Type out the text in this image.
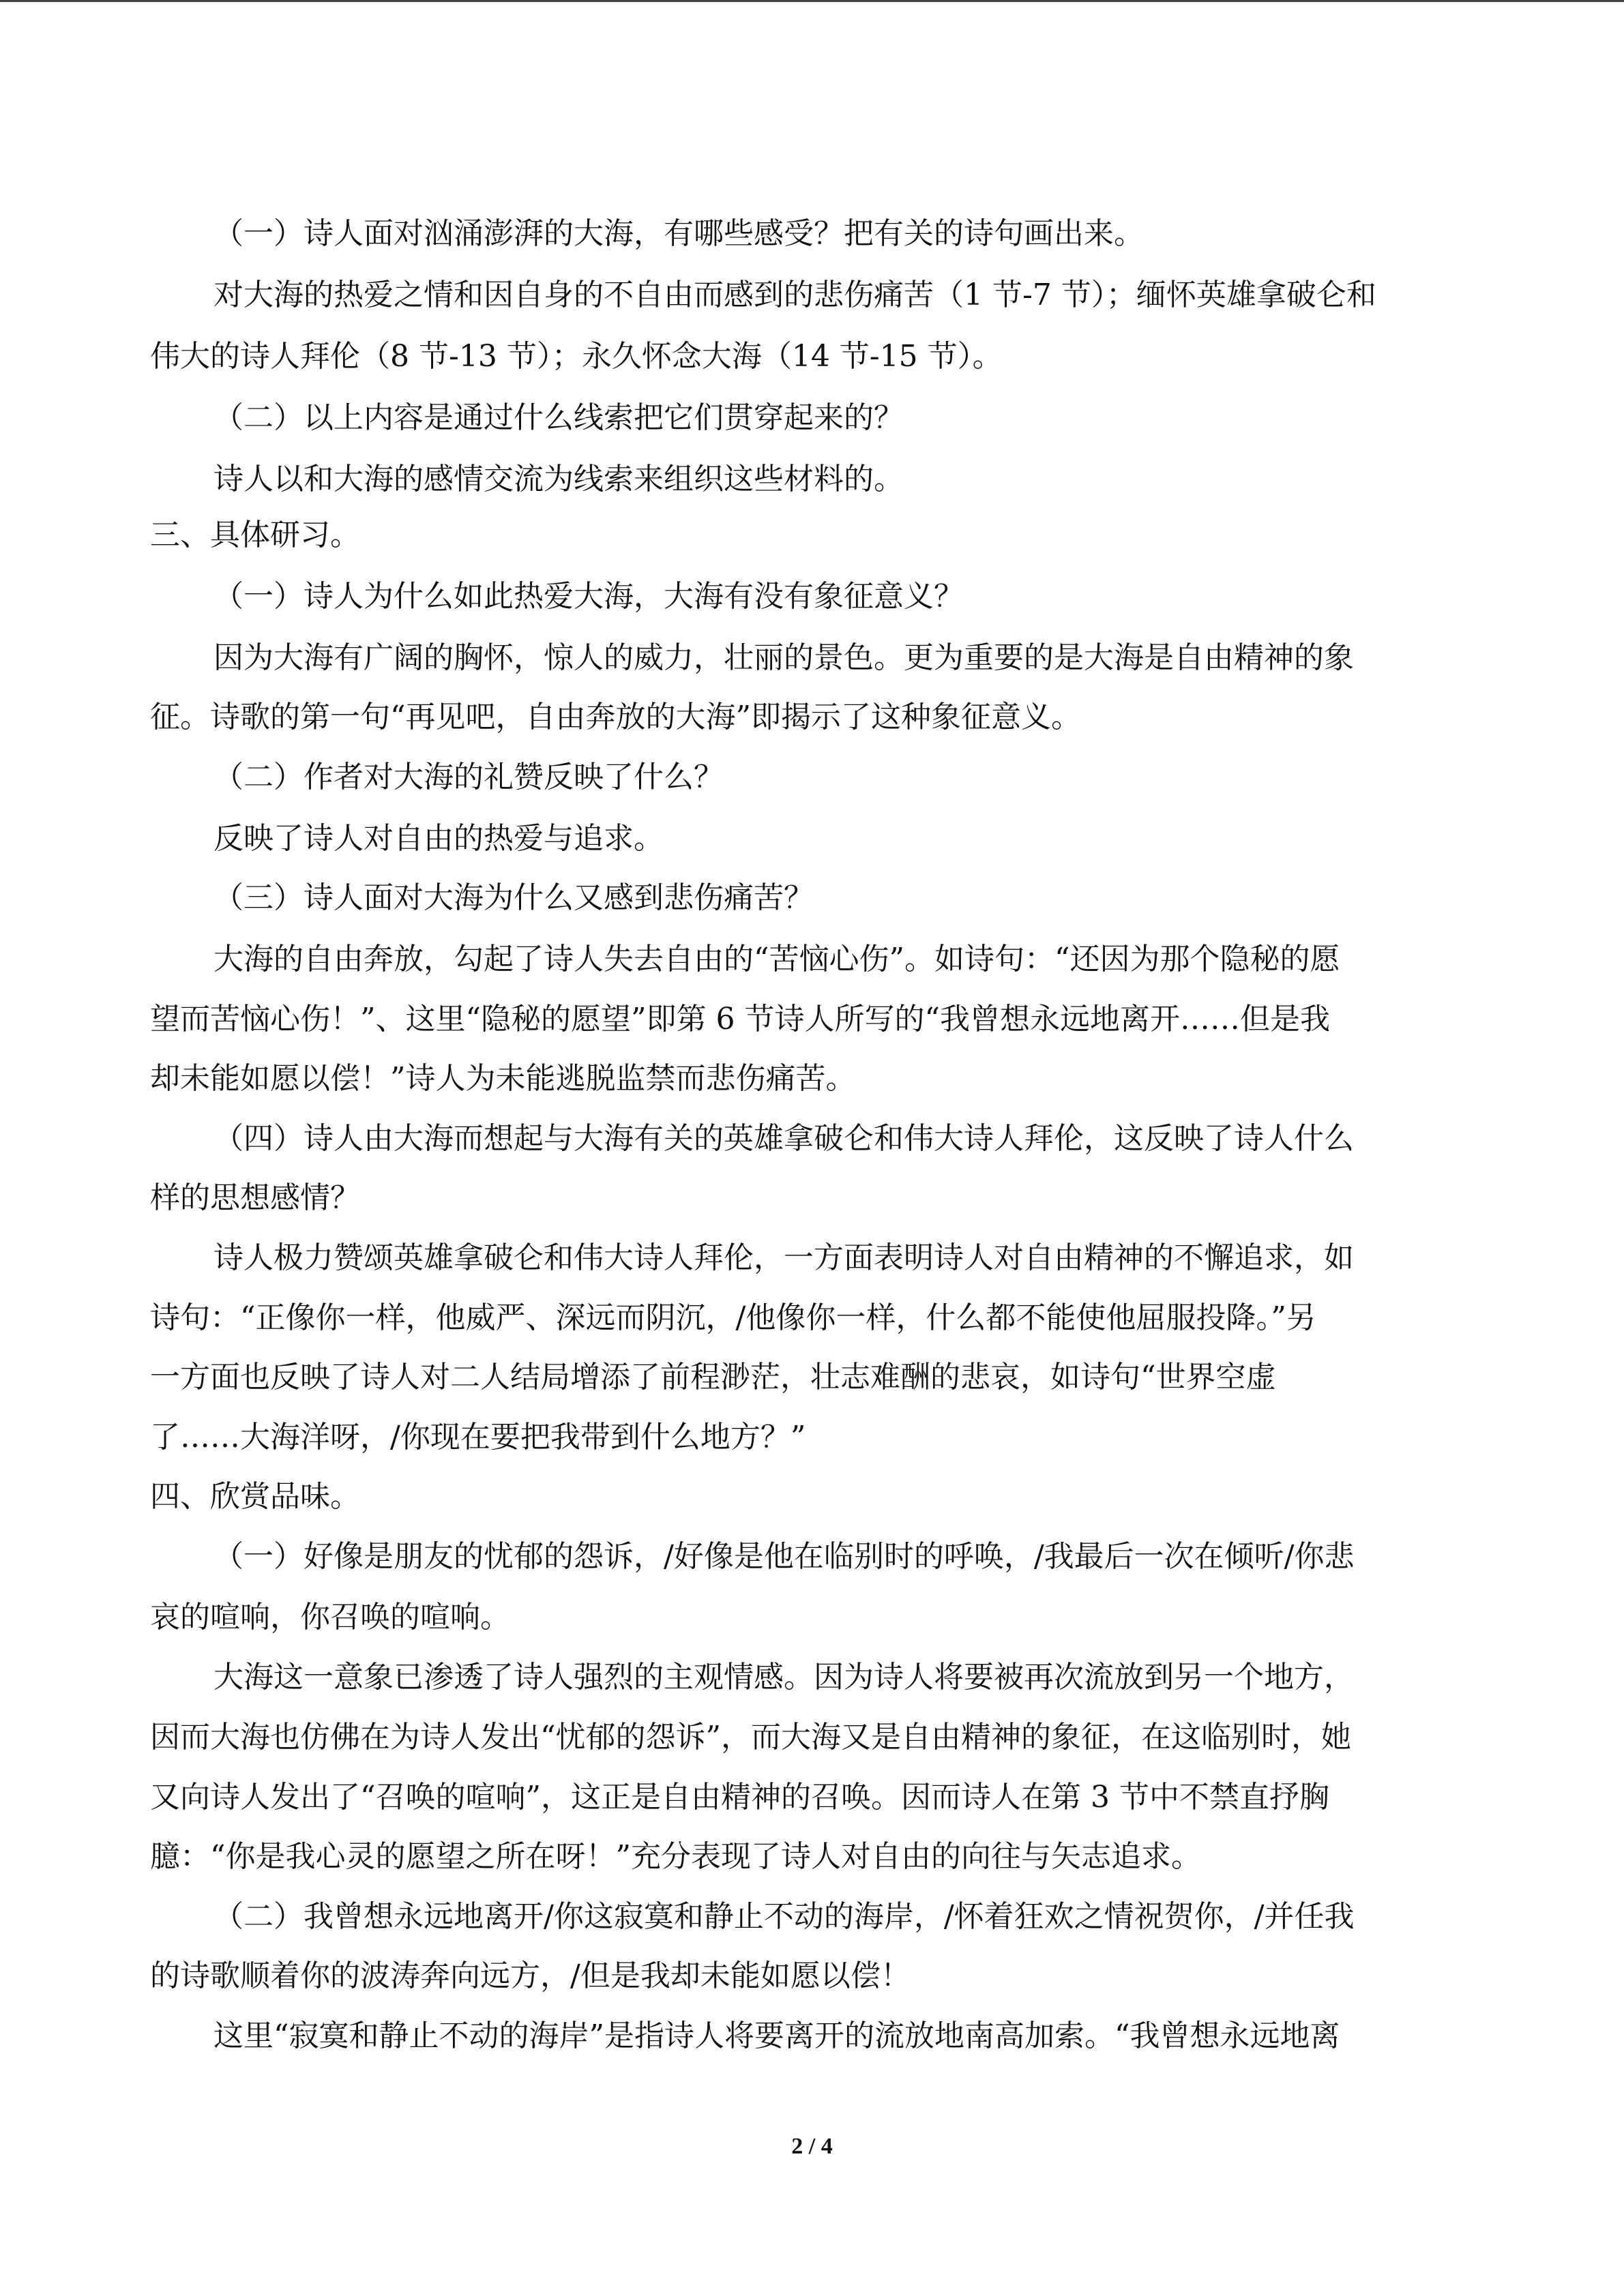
（一）诗人面对汹涌澎湃的大海，有哪些感受？把有关的诗句画出来。
对大海的热爱之情和因自身的不自由而感到的悲伤痛苦（1 节-7 节）；缅怀英雄拿破仑和
伟大的诗人拜伦（8 节-13 节）；永久怀念大海（14 节-15 节）。
（二）以上内容是通过什么线索把它们贯穿起来的？
诗人以和大海的感情交流为线索来组织这些材料的。
三、具体研习。
（一）诗人为什么如此热爱大海，大海有没有象征意义？
因为大海有广阔的胸怀，惊人的威力，壮丽的景色。更为重要的是大海是自由精神的象
征。诗歌的第一句“再见吧，自由奔放的大海”即揭示了这种象征意义。
（二）作者对大海的礼赞反映了什么？
反映了诗人对自由的热爱与追求。
（三）诗人面对大海为什么又感到悲伤痛苦？
大海的自由奔放，勾起了诗人失去自由的“苦恼心伤”。如诗句：“还因为那个隐秘的愿
望而苦恼心伤！”、这里“隐秘的愿望”即第 6 节诗人所写的“我曾想永远地离开……但是我
却未能如愿以偿！”诗人为未能逃脱监禁而悲伤痛苦。
（四）诗人由大海而想起与大海有关的英雄拿破仑和伟大诗人拜伦，这反映了诗人什么
样的思想感情？
诗人极力赞颂英雄拿破仑和伟大诗人拜伦，一方面表明诗人对自由精神的不懈追求，如
诗句：“正像你一样，他威严、深远而阴沉，/他像你一样，什么都不能使他屈服投降。”另
一方面也反映了诗人对二人结局增添了前程渺茫，壮志难酬的悲哀，如诗句“世界空虚
了……大海洋呀，/你现在要把我带到什么地方？”
四、欣赏品味。
（一）好像是朋友的忧郁的怨诉，/好像是他在临别时的呼唤，/我最后一次在倾听/你悲
哀的喧响，你召唤的喧响。
大海这一意象已渗透了诗人强烈的主观情感。因为诗人将要被再次流放到另一个地方，
因而大海也仿佛在为诗人发出“忧郁的怨诉”，而大海又是自由精神的象征，在这临别时，她
又向诗人发出了“召唤的喧响”，这正是自由精神的召唤。因而诗人在第 3 节中不禁直抒胸
臆：“你是我心灵的愿望之所在呀！”充分表现了诗人对自由的向往与矢志追求。
（二）我曾想永远地离开/你这寂寞和静止不动的海岸，/怀着狂欢之情祝贺你，/并任我
的诗歌顺着你的波涛奔向远方，/但是我却未能如愿以偿！
这里“寂寞和静止不动的海岸”是指诗人将要离开的流放地南高加索。“我曾想永远地离
2 / 4
